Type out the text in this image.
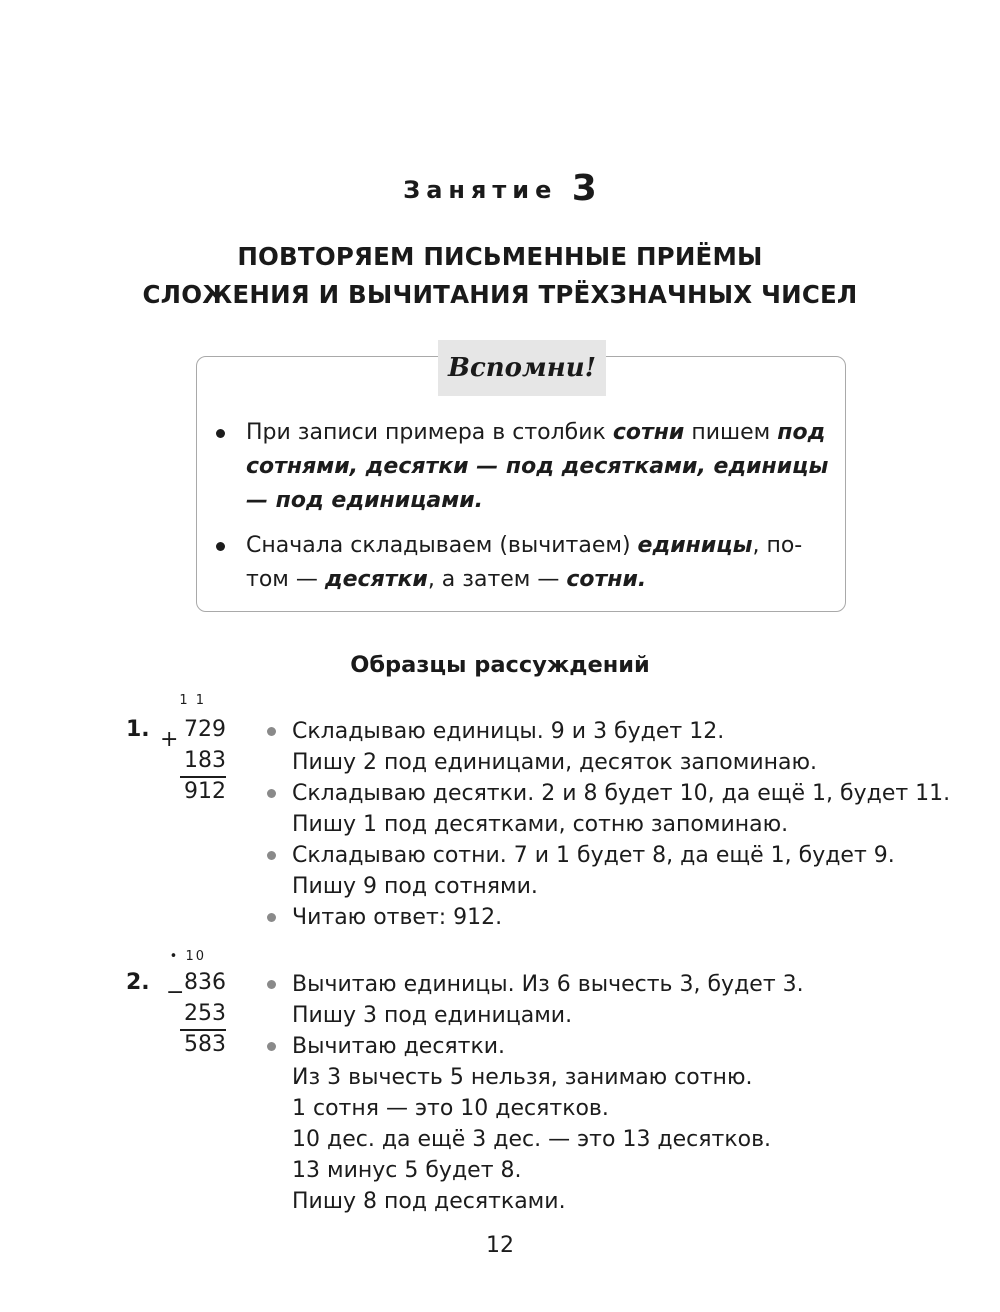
Занятие 3
ПОВТОРЯЕМ ПИСЬМЕННЫЕ ПРИЁМЫ
СЛОЖЕНИЯ И ВЫЧИТАНИЯ ТРЁХЗНАЧНЫХ ЧИСЕЛ
Вспомни!
При записи примера в столбик сотни пишем под сотнями, десятки — под десятками, единицы — под единицами.
Сначала складываем (вычитаем) единицы, по-том — десятки, а затем — сотни.
Образцы рассуждений
1. +
1 1
729
183
912
Складываю единицы. 9 и 3 будет 12.
Пишу 2 под единицами, десяток запоминаю.
Складываю десятки. 2 и 8 будет 10, да ещё 1, будет 11.
Пишу 1 под десятками, сотню запоминаю.
Складываю сотни. 7 и 1 будет 8, да ещё 1, будет 9.
Пишу 9 под сотнями.
Читаю ответ: 912.
2. −
• 10
836
253
583
Вычитаю единицы. Из 6 вычесть 3, будет 3.
Пишу 3 под единицами.
Вычитаю десятки.
Из 3 вычесть 5 нельзя, занимаю сотню.
1 сотня — это 10 десятков.
10 дес. да ещё 3 дес. — это 13 десятков.
13 минус 5 будет 8.
Пишу 8 под десятками.
12
